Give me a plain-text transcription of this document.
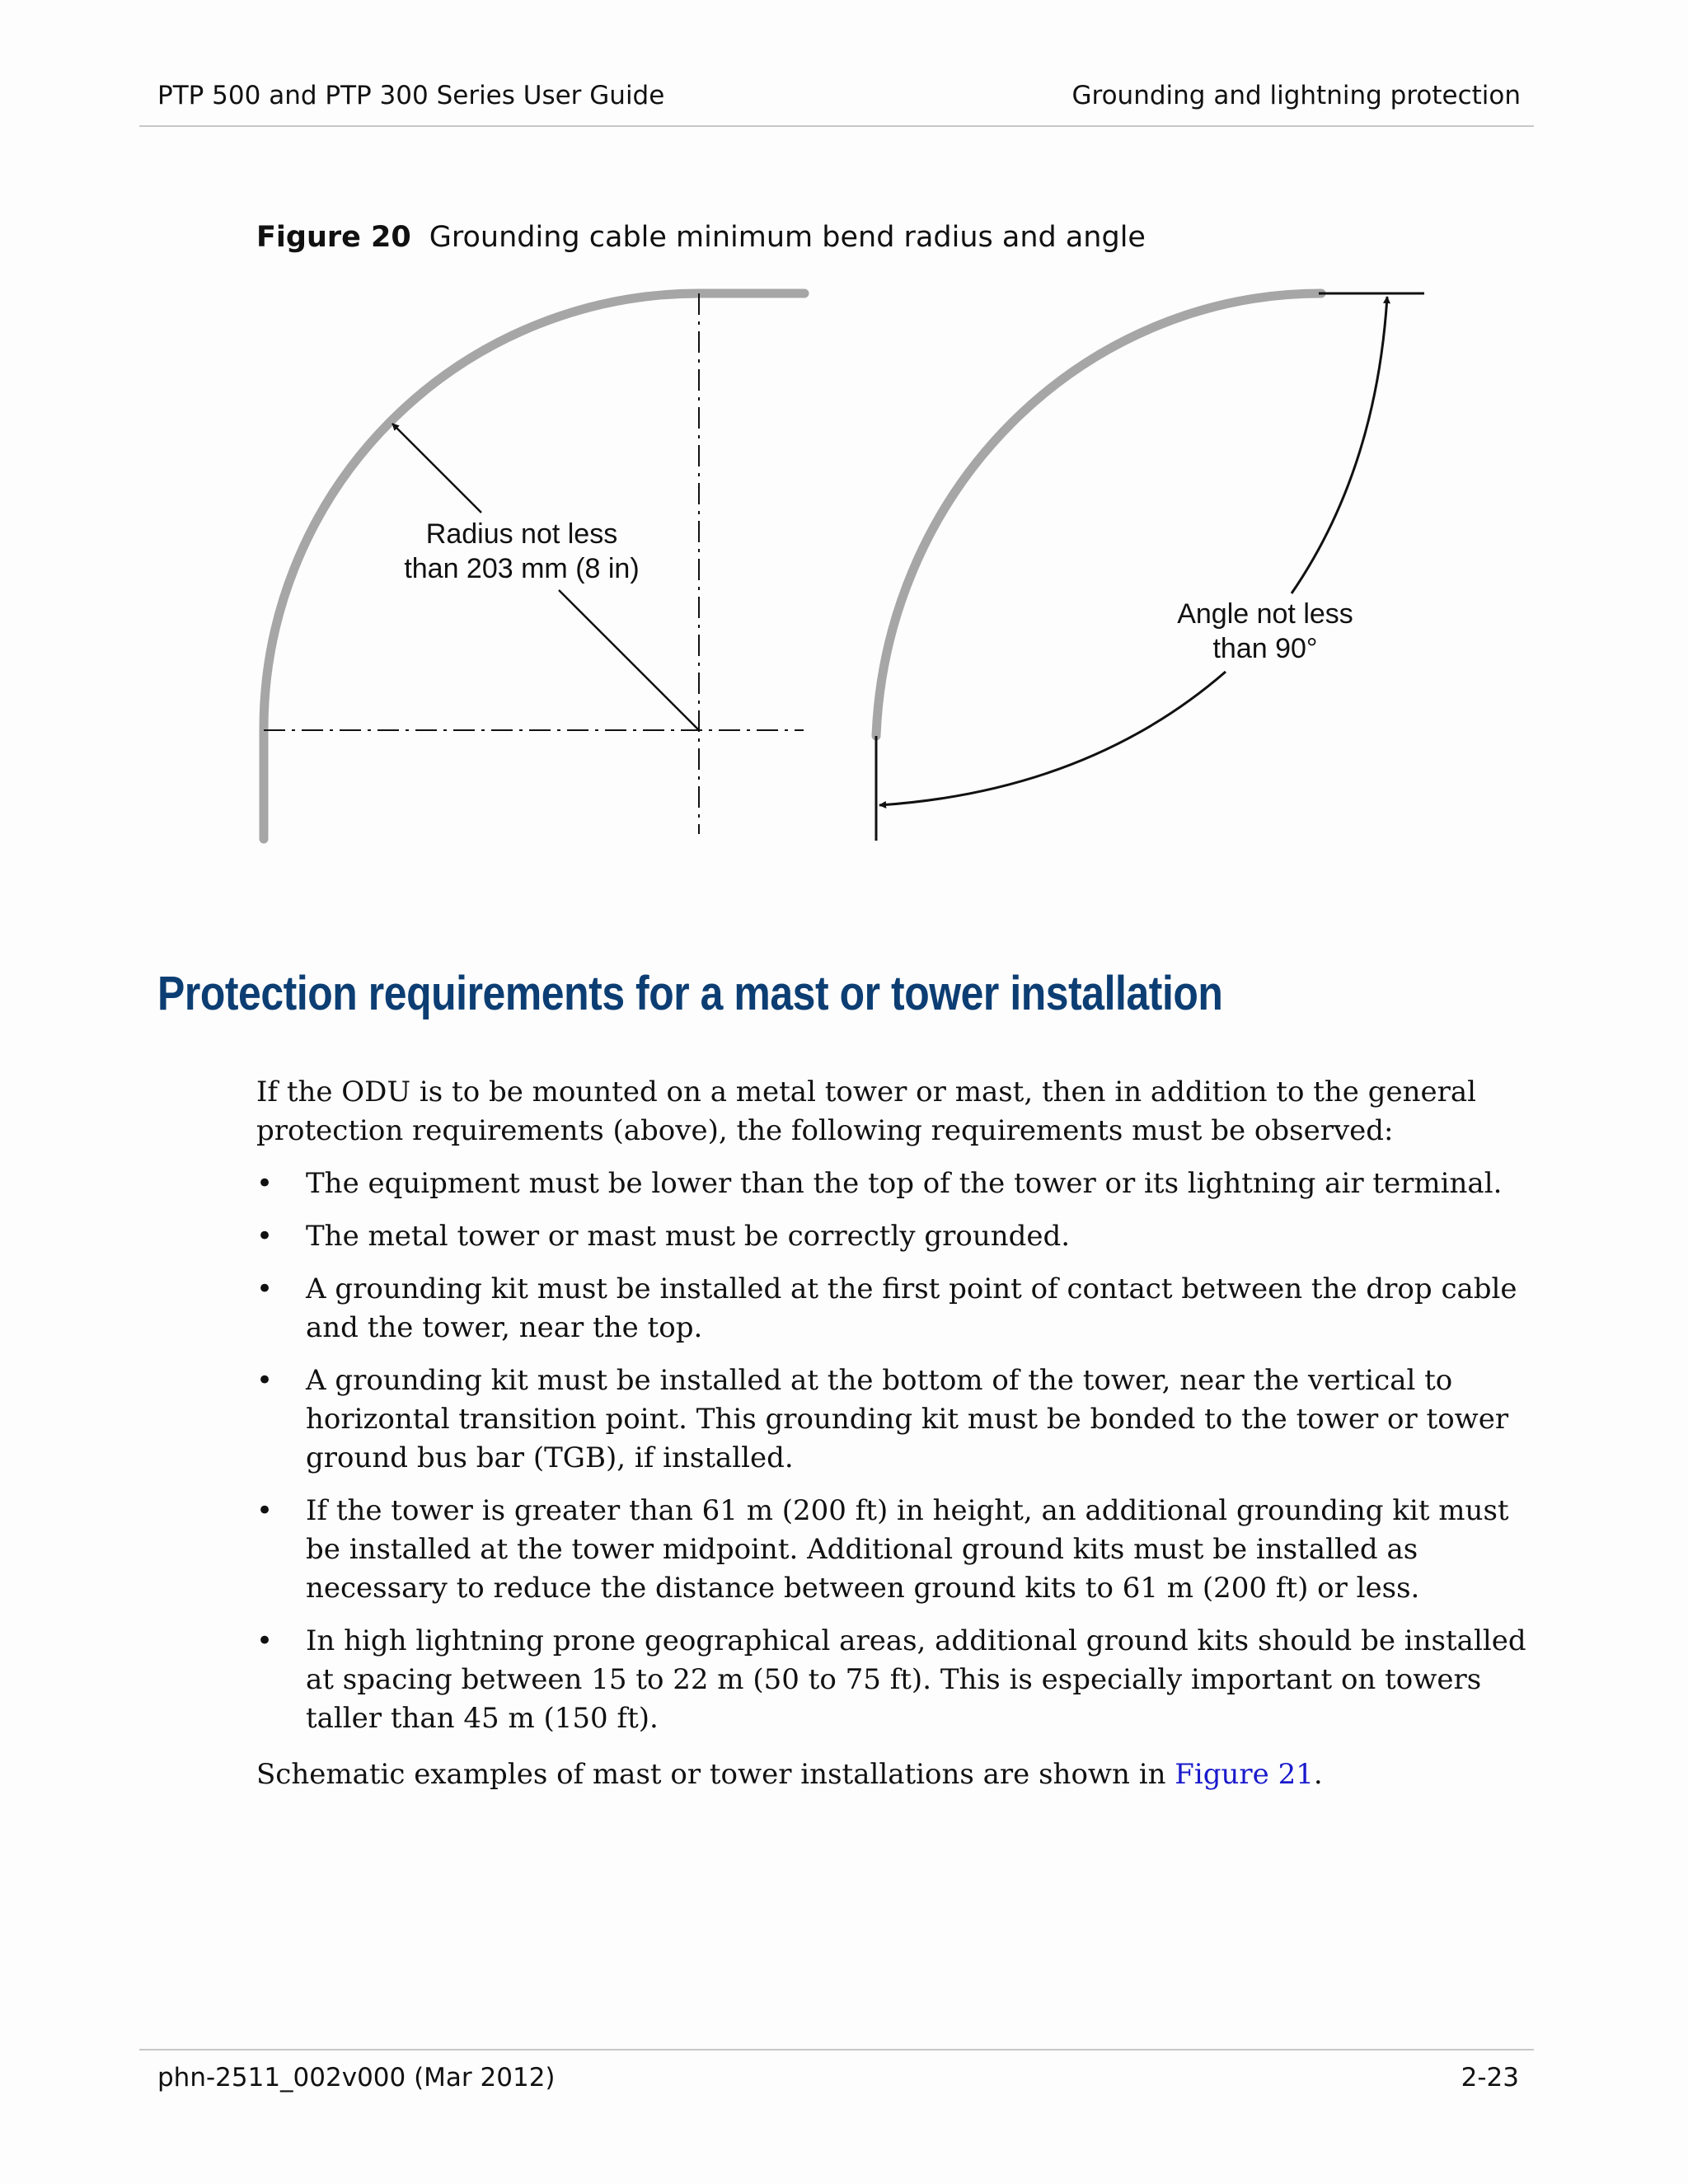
PTP 500 and PTP 300 Series User Guide	Grounding and lightning protection
Figure 20 Grounding cable minimum bend radius and angle
Radius not less
than 203 mm (8 in)
Angle not less
than 90°
Protection requirements for a mast or tower installation
If the ODU is to be mounted on a metal tower or mast, then in addition to the general protection requirements (above), the following requirements must be observed:
• The equipment must be lower than the top of the tower or its lightning air terminal.
• The metal tower or mast must be correctly grounded.
• A grounding kit must be installed at the first point of contact between the drop cable and the tower, near the top.
• A grounding kit must be installed at the bottom of the tower, near the vertical to horizontal transition point. This grounding kit must be bonded to the tower or tower ground bus bar (TGB), if installed.
• If the tower is greater than 61 m (200 ft) in height, an additional grounding kit must be installed at the tower midpoint. Additional ground kits must be installed as necessary to reduce the distance between ground kits to 61 m (200 ft) or less.
• In high lightning prone geographical areas, additional ground kits should be installed at spacing between 15 to 22 m (50 to 75 ft). This is especially important on towers taller than 45 m (150 ft).
Schematic examples of mast or tower installations are shown in Figure 21.
phn-2511_002v000 (Mar 2012)	2-23
